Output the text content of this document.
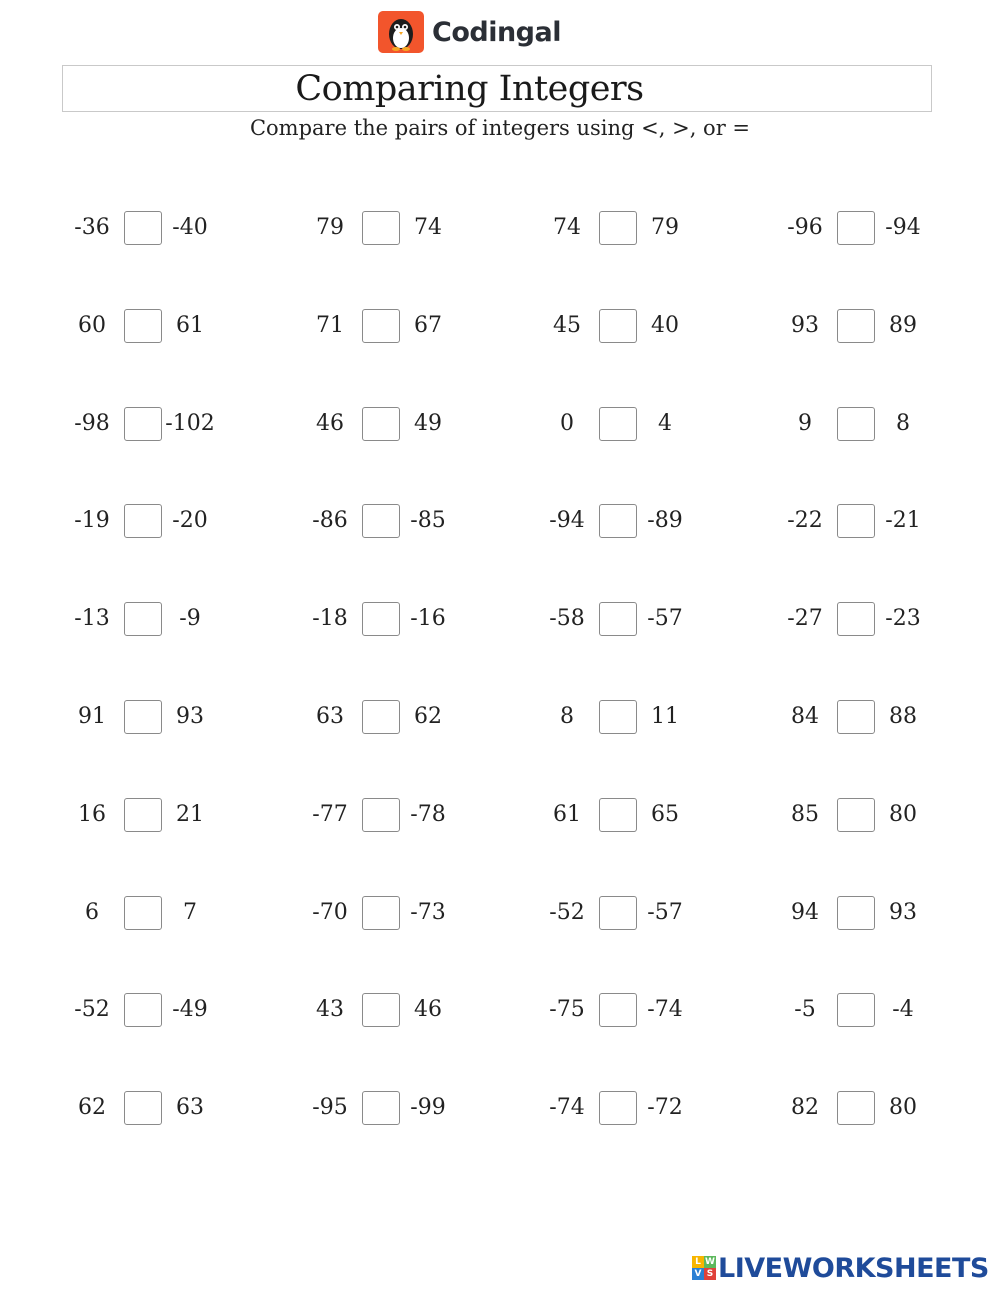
Codingal
Comparing Integers
Compare the pairs of integers using <, >, or =
-36	-40	79	74	74	79	-96	-94
60	61	71	67	45	40	93	89
-98	-102	46	49	0	4	9	8
-19	-20	-86	-85	-94	-89	-22	-21
-13	-9	-18	-16	-58	-57	-27	-23
91	93	63	62	8	11	84	88
16	21	-77	-78	61	65	85	80
6	7	-70	-73	-52	-57	94	93
-52	-49	43	46	-75	-74	-5	-4
62	63	-95	-99	-74	-72	82	80
L W
V S LIVEWORKSHEETS
